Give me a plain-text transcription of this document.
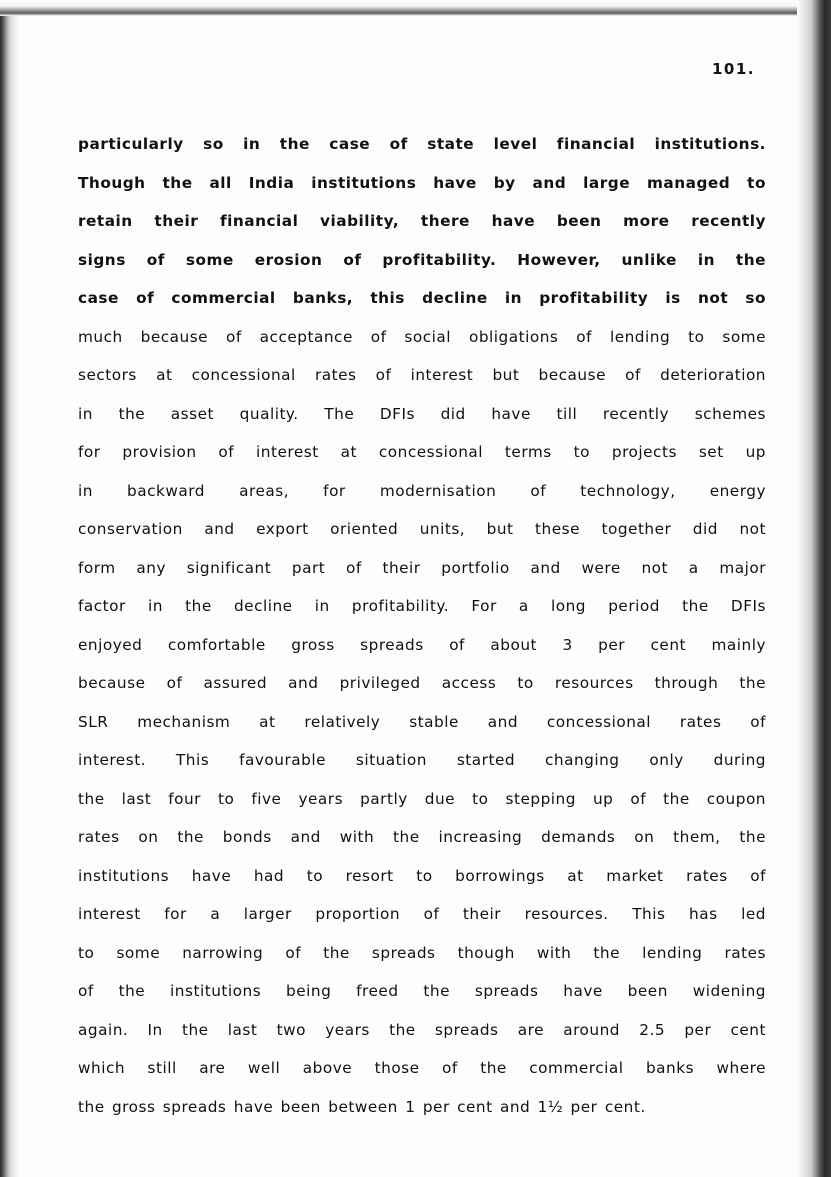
101.
particularly so in the case of state level financial institutions.
Though the all India institutions have by and large managed to
retain their financial viability, there have been more recently
signs of some erosion of profitability. However, unlike in the
case of commercial banks, this decline in profitability is not so
much because of acceptance of social obligations of lending to some
sectors at concessional rates of interest but because of deterioration
in the asset quality. The DFIs did have till recently schemes
for provision of interest at concessional terms to projects set up
in backward areas, for modernisation of technology, energy
conservation and export oriented units, but these together did not
form any significant part of their portfolio and were not a major
factor in the decline in profitability. For a long period the DFIs
enjoyed comfortable gross spreads of about 3 per cent mainly
because of assured and privileged access to resources through the
SLR mechanism at relatively stable and concessional rates of
interest. This favourable situation started changing only during
the last four to five years partly due to stepping up of the coupon
rates on the bonds and with the increasing demands on them, the
institutions have had to resort to borrowings at market rates of
interest for a larger proportion of their resources. This has led
to some narrowing of the spreads though with the lending rates
of the institutions being freed the spreads have been widening
again. In the last two years the spreads are around 2.5 per cent
which still are well above those of the commercial banks where
the gross spreads have been between 1 per cent and 1½ per cent.
